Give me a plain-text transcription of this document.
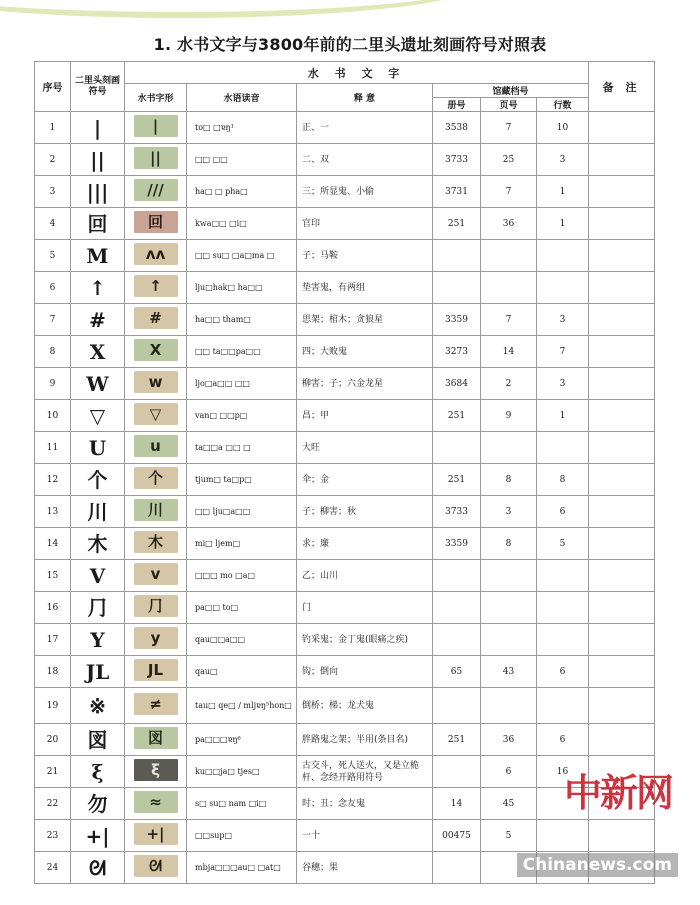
1. 水书文字与3800年前的二里头遗址刻画符号对照表
序号	二里头刻画符号	水 书 文 字						备 注
		水书字形	水语读音	释 意	馆藏档号			
					册号	页号	行数	
1	|	|	to□ □ɐŋ¹	正、一	3538	7	10	
2	||	||	□□ □□	二、双	3733	25	3	
3	|||	///	ha□ □ pha□	三；所显鬼、小偷	3731	7	1	
4	回	回	kwa□□ □i□	官印	251	36	1	
5	M	ʌʌ	□□ su□ □a□ma □	子；马鞍				
6	↑	↑	lju□hak□ ha□□	垫害鬼，有两组				
7	#	#	ha□□ tham□	思架；棺木；贪狼星	3359	7	3	
8	X	X	□□ ta□□pa□□	四；大败鬼	3273	14	7	
9	W	w	ljo□a□□ □□	柳害；子；六金龙星	3684	2	3	
10	▽	▽	van□ □□p□	昌；甲	251	9	1	
11	U	u	ta□□a □□ □	大旺				
12	个	个	tjum□ ta□p□	伞；金	251	8	8	
13	川	川	□□ lju□a□□	子；柳害；秋	3733	3	6	
14	木	木	mi□ ljem□	求；廉	3359	8	5	
15	V	v	□□□ mo □a□	乙；山川				
16	⺆	⺆	pa□□ to□	门				
17	Y	y	qau□□a□□	钓采鬼；金丁鬼(眼痛之疾)				
18	JL	JL	qau□	钩；倒向	65	43	6	
19	※	≠	tau□ qe□ / mljɐŋ⁵hon□	倒桥；梯；龙犬鬼				
20	図	図	pa□□□ɐŋ⁶	胖路鬼之架；半用(条目名)	251	36	6	
21	ξ	ξ	ku□□ja□ tjes□	古交斗，死人送火，又是立桅杆、念经开路用符号		6	16	
22	勿	≈	s□ su□ nam □i□	时；丑；念友鬼	14	45		
23	+|	+|	□□sup□	一十	00475	5		
24	ᘛ	ᘛ	mbja□□□au□ □at□	谷穗；果				
中新网
Chinanews.com
